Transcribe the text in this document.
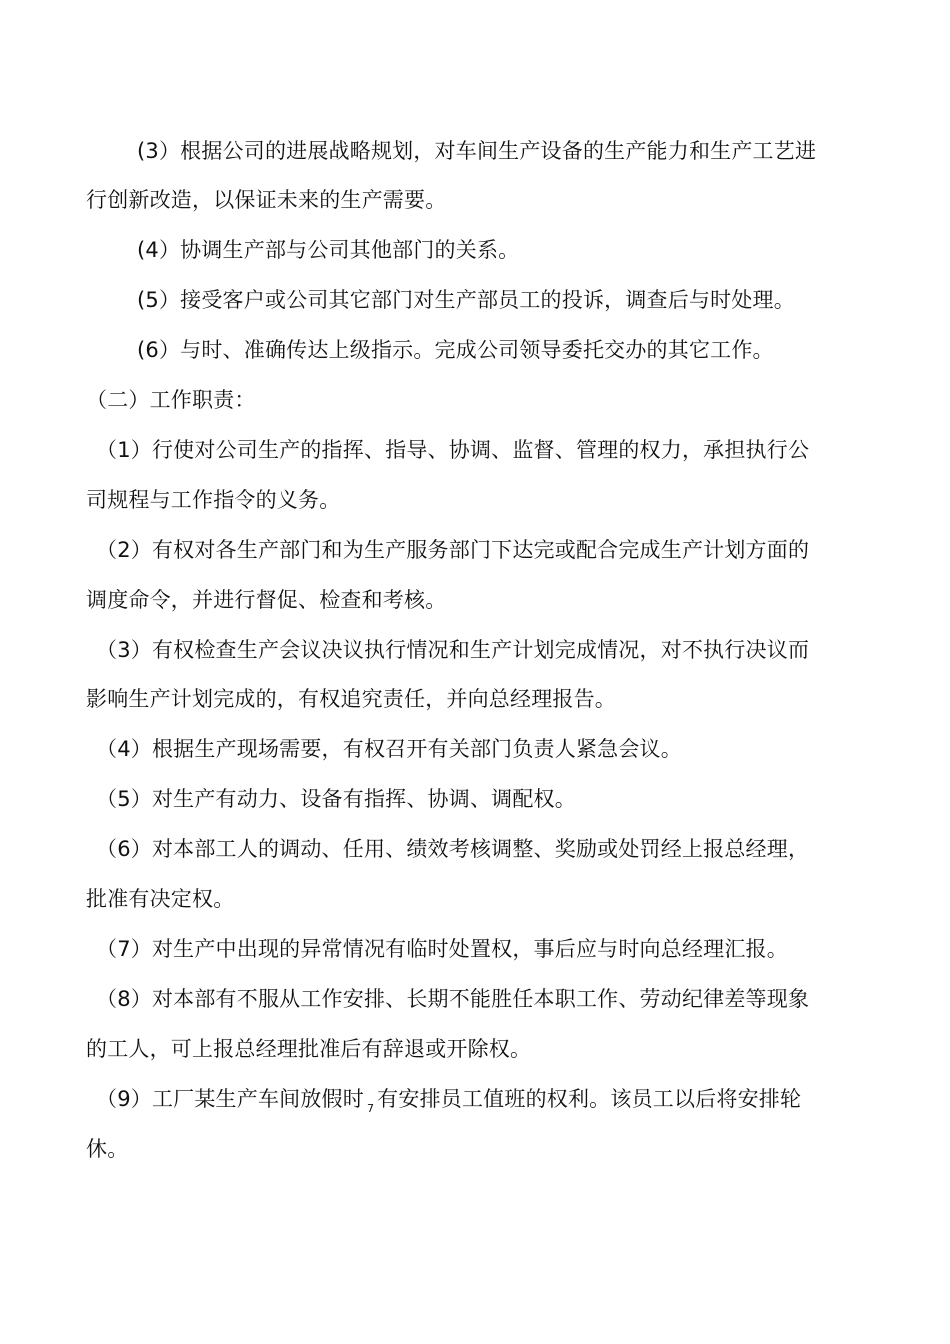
(3）根据公司的进展战略规划，对车间生产设备的生产能力和生产工艺进
行创新改造，以保证未来的生产需要。
(4）协调生产部与公司其他部门的关系。
(5）接受客户或公司其它部门对生产部员工的投诉，调查后与时处理。
(6）与时、准确传达上级指示。完成公司领导委托交办的其它工作。
（二）工作职责：
（1）行使对公司生产的指挥、指导、协调、监督、管理的权力，承担执行公
司规程与工作指令的义务。
（2）有权对各生产部门和为生产服务部门下达完或配合完成生产计划方面的
调度命令，并进行督促、检查和考核。
（3）有权检查生产会议决议执行情况和生产计划完成情况，对不执行决议而
影响生产计划完成的，有权追究责任，并向总经理报告。
（4）根据生产现场需要，有权召开有关部门负责人紧急会议。
（5）对生产有动力、设备有指挥、协调、调配权。
（6）对本部工人的调动、任用、绩效考核调整、奖励或处罚经上报总经理，
批准有决定权。
（7）对生产中出现的异常情况有临时处置权，事后应与时向总经理汇报。
（8）对本部有不服从工作安排、长期不能胜任本职工作、劳动纪律差等现象
的工人，可上报总经理批准后有辞退或开除权。
（9）工厂某生产车间放假时 $_7$ 有安排员工值班的权利。该员工以后将安排轮
休。
